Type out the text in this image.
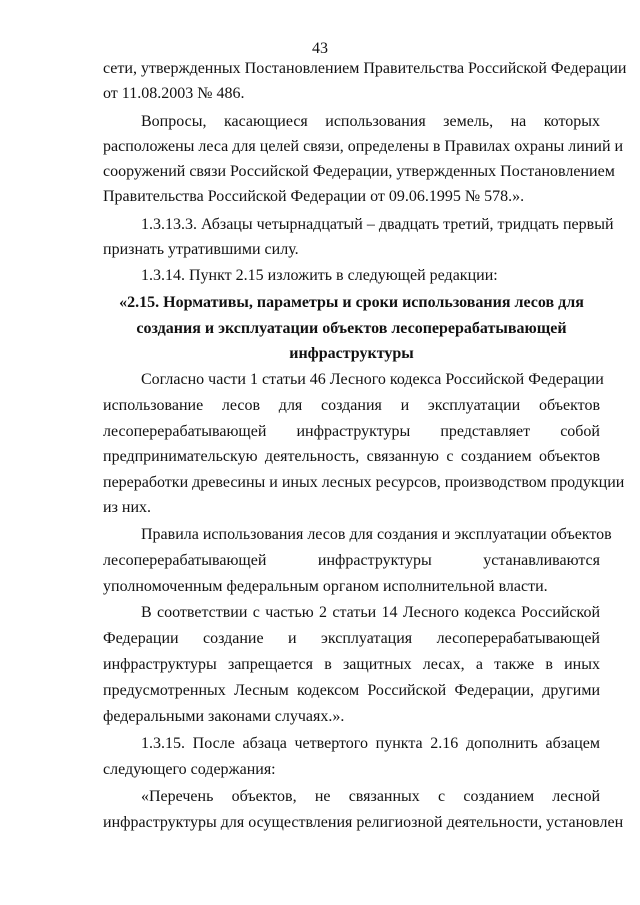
43
сети, утвержденных Постановлением Правительства Российской Федерации
от 11.08.2003 № 486.
Вопросы, касающиеся использования земель, на которых
расположены леса для целей связи, определены в Правилах охраны линий и
сооружений связи Российской Федерации, утвержденных Постановлением
Правительства Российской Федерации от 09.06.1995 № 578.».
1.3.13.3. Абзацы четырнадцатый – двадцать третий, тридцать первый
признать утратившими силу.
1.3.14. Пункт 2.15 изложить в следующей редакции:
«2.15. Нормативы, параметры и сроки использования лесов для
создания и эксплуатации объектов лесоперерабатывающей
инфраструктуры
Согласно части 1 статьи 46 Лесного кодекса Российской Федерации
использование лесов для создания и эксплуатации объектов
лесоперерабатывающей инфраструктуры представляет собой
предпринимательскую деятельность, связанную с созданием объектов
переработки древесины и иных лесных ресурсов, производством продукции
из них.
Правила использования лесов для создания и эксплуатации объектов
лесоперерабатывающей инфраструктуры устанавливаются
уполномоченным федеральным органом исполнительной власти.
В соответствии с частью 2 статьи 14 Лесного кодекса Российской
Федерации создание и эксплуатация лесоперерабатывающей
инфраструктуры запрещается в защитных лесах, а также в иных
предусмотренных Лесным кодексом Российской Федерации, другими
федеральными законами случаях.».
1.3.15. После абзаца четвертого пункта 2.16 дополнить абзацем
следующего содержания:
«Перечень объектов, не связанных с созданием лесной
инфраструктуры для осуществления религиозной деятельности, установлен
